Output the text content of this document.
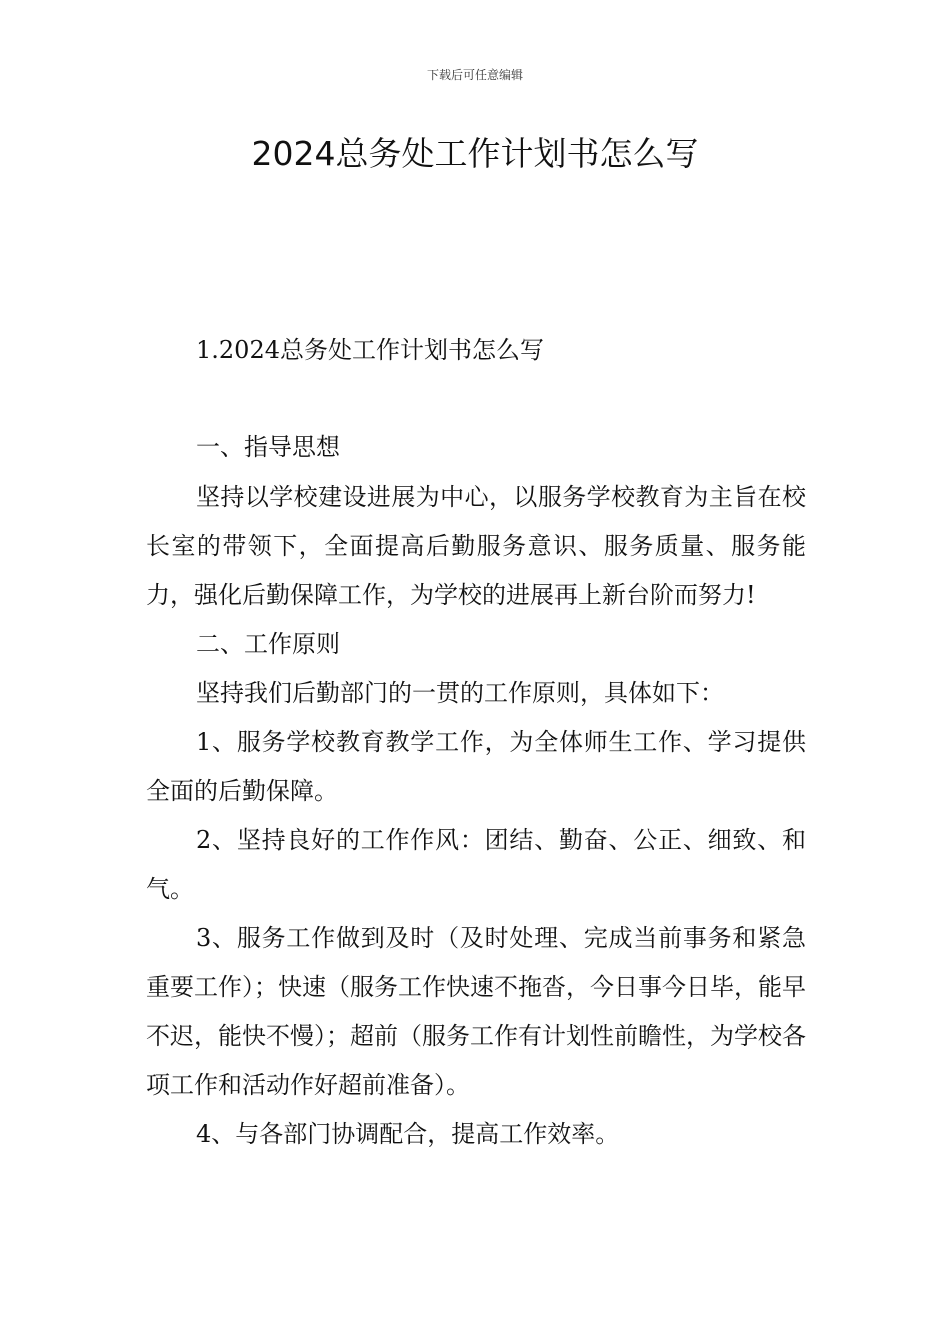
下载后可任意编辑
2024总务处工作计划书怎么写

1.2024总务处工作计划书怎么写

一、指导思想

坚持以学校建设进展为中心，以服务学校教育为主旨在校长室的带领下，全面提高后勤服务意识、服务质量、服务能力，强化后勤保障工作，为学校的进展再上新台阶而努力!

二、工作原则

坚持我们后勤部门的一贯的工作原则，具体如下：

1、服务学校教育教学工作，为全体师生工作、学习提供全面的后勤保障。

2、坚持良好的工作作风：团结、勤奋、公正、细致、和气。

3、服务工作做到及时（及时处理、完成当前事务和紧急重要工作）；快速（服务工作快速不拖沓，今日事今日毕，能早不迟，能快不慢）；超前（服务工作有计划性前瞻性，为学校各项工作和活动作好超前准备）。

4、与各部门协调配合，提高工作效率。
